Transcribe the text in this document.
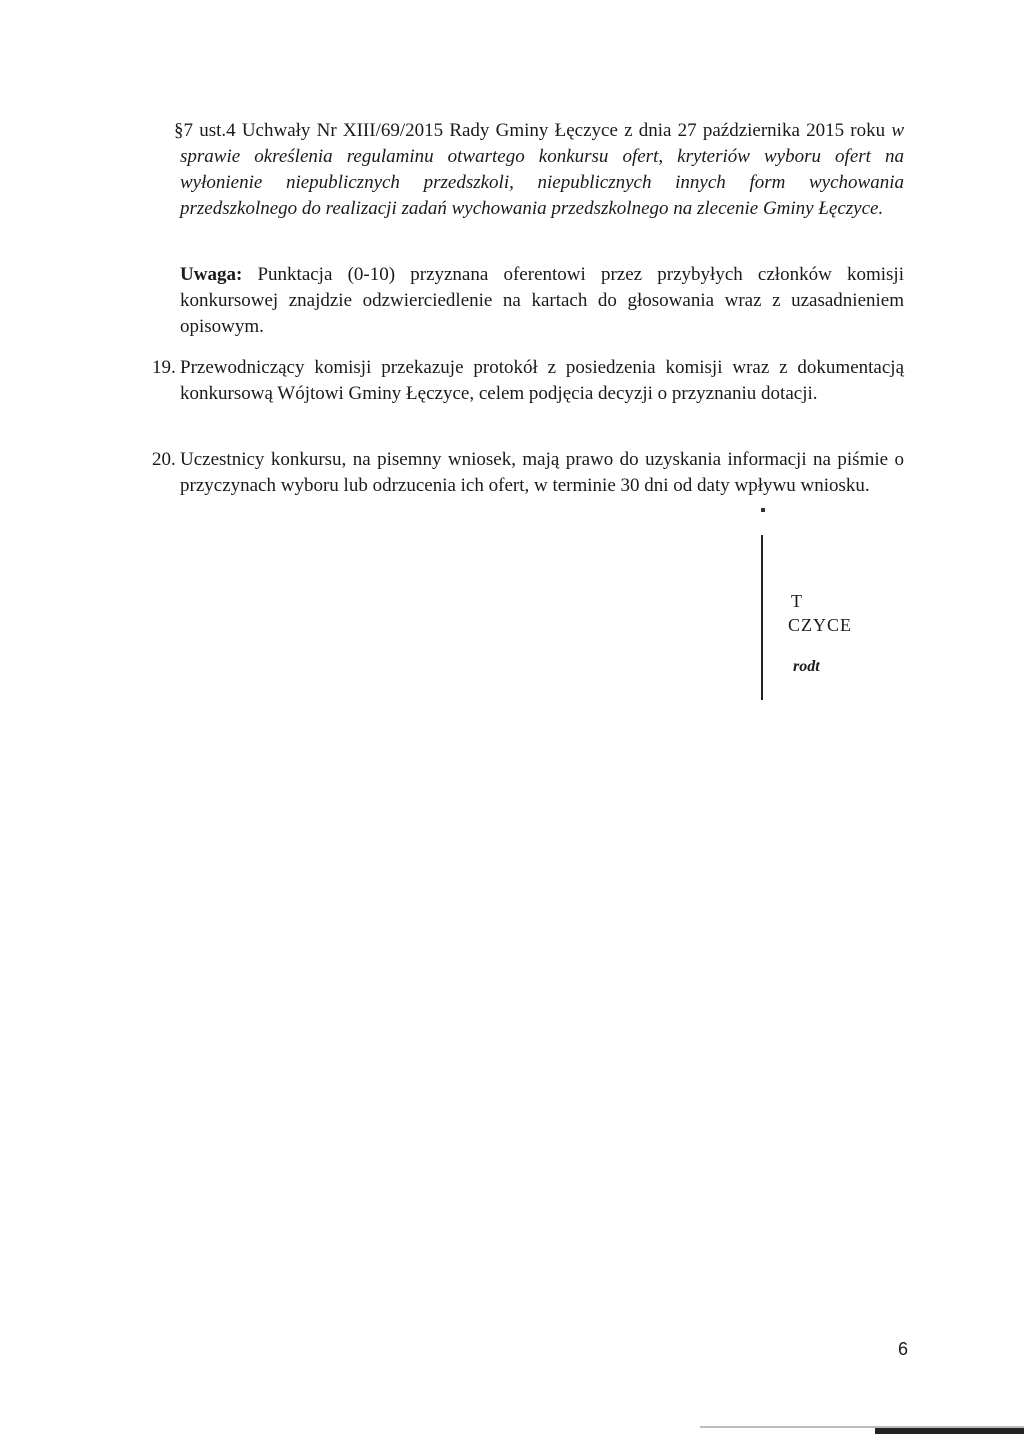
§7 ust.4 Uchwały Nr XIII/69/2015 Rady Gminy Łęczyce z dnia 27 października 2015 roku w sprawie określenia regulaminu otwartego konkursu ofert, kryteriów wyboru ofert na wyłonienie niepublicznych przedszkoli, niepublicznych innych form wychowania przedszkolnego do realizacji zadań wychowania przedszkolnego na zlecenie Gminy Łęczyce.
Uwaga: Punktacja (0-10) przyznana oferentowi przez przybyłych członków komisji konkursowej znajdzie odzwierciedlenie na kartach do głosowania wraz z uzasadnieniem opisowym.
19. Przewodniczący komisji przekazuje protokół z posiedzenia komisji wraz z dokumentacją konkursową Wójtowi Gminy Łęczyce, celem podjęcia decyzji o przyznaniu dotacji.
20. Uczestnicy konkursu, na pisemny wniosek, mają prawo do uzyskania informacji na piśmie o przyczynach wyboru lub odrzucenia ich ofert, w terminie 30 dni od daty wpływu wniosku.
T
CZYCE
rodt
6
